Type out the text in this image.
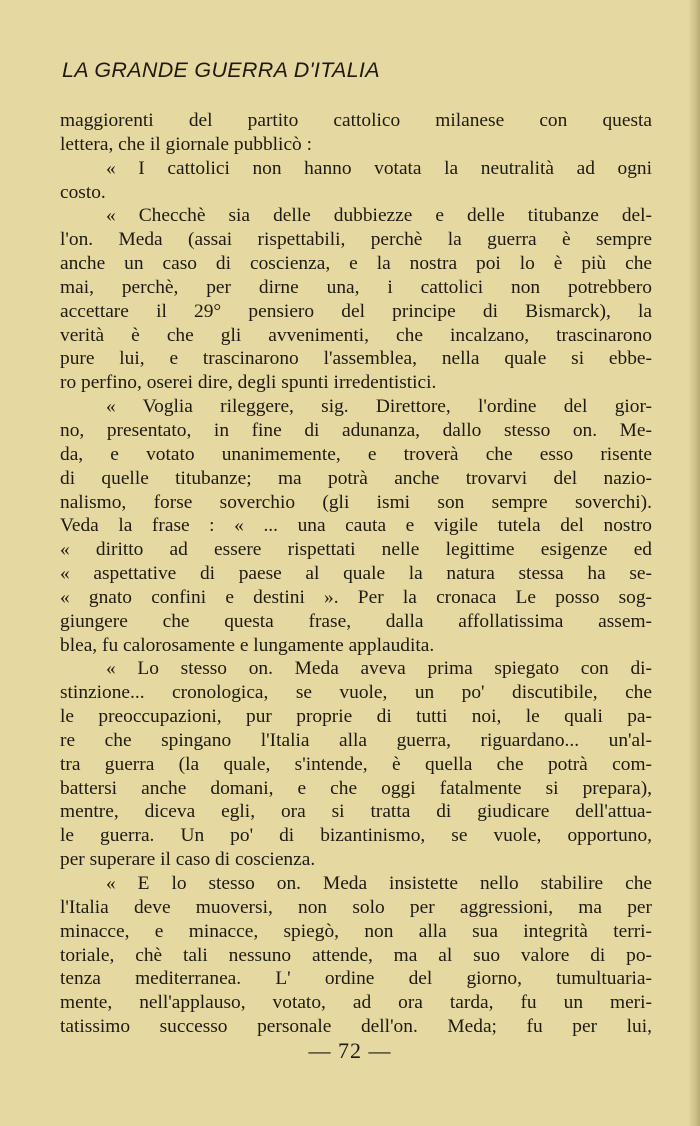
LA GRANDE GUERRA D'ITALIA
maggiorenti del partito cattolico milanese con questa
lettera, che il giornale pubblicò :
« I cattolici non hanno votata la neutralità ad ogni
costo.
« Checchè sia delle dubbiezze e delle titubanze del-
l'on. Meda (assai rispettabili, perchè la guerra è sempre
anche un caso di coscienza, e la nostra poi lo è più che
mai, perchè, per dirne una, i cattolici non potrebbero
accettare il 29° pensiero del principe di Bismarck), la
verità è che gli avvenimenti, che incalzano, trascinarono
pure lui, e trascinarono l'assemblea, nella quale si ebbe-
ro perfino, oserei dire, degli spunti irredentistici.
« Voglia rileggere, sig. Direttore, l'ordine del gior-
no, presentato, in fine di adunanza, dallo stesso on. Me-
da, e votato unanimemente, e troverà che esso risente
di quelle titubanze; ma potrà anche trovarvi del nazio-
nalismo, forse soverchio (gli ismi son sempre soverchi).
Veda la frase : « ... una cauta e vigile tutela del nostro
« diritto ad essere rispettati nelle legittime esigenze ed
« aspettative di paese al quale la natura stessa ha se-
« gnato confini e destini ». Per la cronaca Le posso sog-
giungere che questa frase, dalla affollatissima assem-
blea, fu calorosamente e lungamente applaudita.
« Lo stesso on. Meda aveva prima spiegato con di-
stinzione... cronologica, se vuole, un po' discutibile, che
le preoccupazioni, pur proprie di tutti noi, le quali pa-
re che spingano l'Italia alla guerra, riguardano... un'al-
tra guerra (la quale, s'intende, è quella che potrà com-
battersi anche domani, e che oggi fatalmente si prepara),
mentre, diceva egli, ora si tratta di giudicare dell'attua-
le guerra. Un po' di bizantinismo, se vuole, opportuno,
per superare il caso di coscienza.
« E lo stesso on. Meda insistette nello stabilire che
l'Italia deve muoversi, non solo per aggressioni, ma per
minacce, e minacce, spiegò, non alla sua integrità terri-
toriale, chè tali nessuno attende, ma al suo valore di po-
tenza mediterranea. L' ordine del giorno, tumultuaria-
mente, nell'applauso, votato, ad ora tarda, fu un meri-
tatissimo successo personale dell'on. Meda; fu per lui,
— 72 —
